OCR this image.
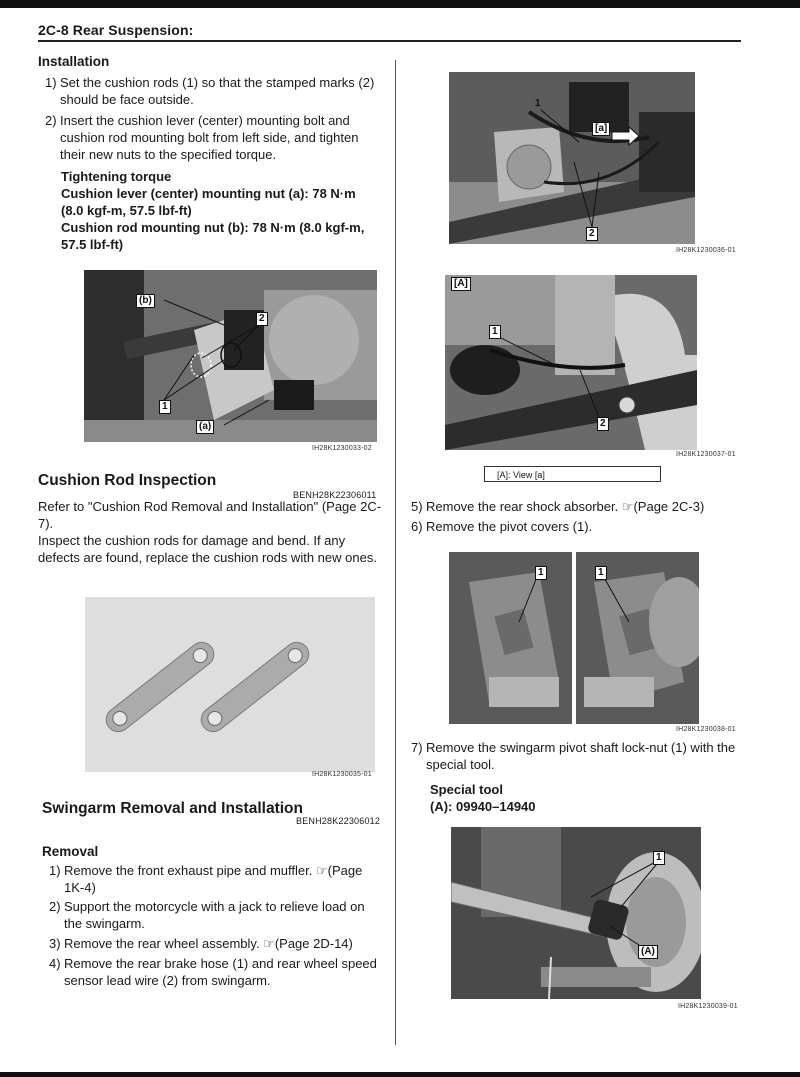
2C-8 Rear Suspension:
Installation
1) Set the cushion rods (1) so that the stamped marks (2) should be face outside.
2) Insert the cushion lever (center) mounting bolt and cushion rod mounting bolt from left side, and tighten their new nuts to the specified torque.
Tightening torque
Cushion lever (center) mounting nut (a): 78 N·m (8.0 kgf-m, 57.5 lbf-ft)
Cushion rod mounting nut (b): 78 N·m (8.0 kgf-m, 57.5 lbf-ft)
(b)
2
1
(a)
IH28K1230033-02
Cushion Rod Inspection
BENH28K22306011
Refer to "Cushion Rod Removal and Installation" (Page 2C-7).
Inspect the cushion rods for damage and bend. If any defects are found, replace the cushion rods with new ones.
IH28K1230035-01
Swingarm Removal and Installation
BENH28K22306012
Removal
1) Remove the front exhaust pipe and muffler. ☞(Page 1K-4)
2) Support the motorcycle with a jack to relieve load on the swingarm.
3) Remove the rear wheel assembly. ☞(Page 2D-14)
4) Remove the rear brake hose (1) and rear wheel speed sensor lead wire (2) from swingarm.
1
[a]
2
IH28K1230036-01
[A]
1
2
IH28K1230037-01
[A]: View [a]
5) Remove the rear shock absorber. ☞(Page 2C-3)
6) Remove the pivot covers (1).
1	1
IH28K1230038-01
7) Remove the swingarm pivot shaft lock-nut (1) with the special tool.
Special tool
(A): 09940–14940
1
(A)
IH28K1230039-01
